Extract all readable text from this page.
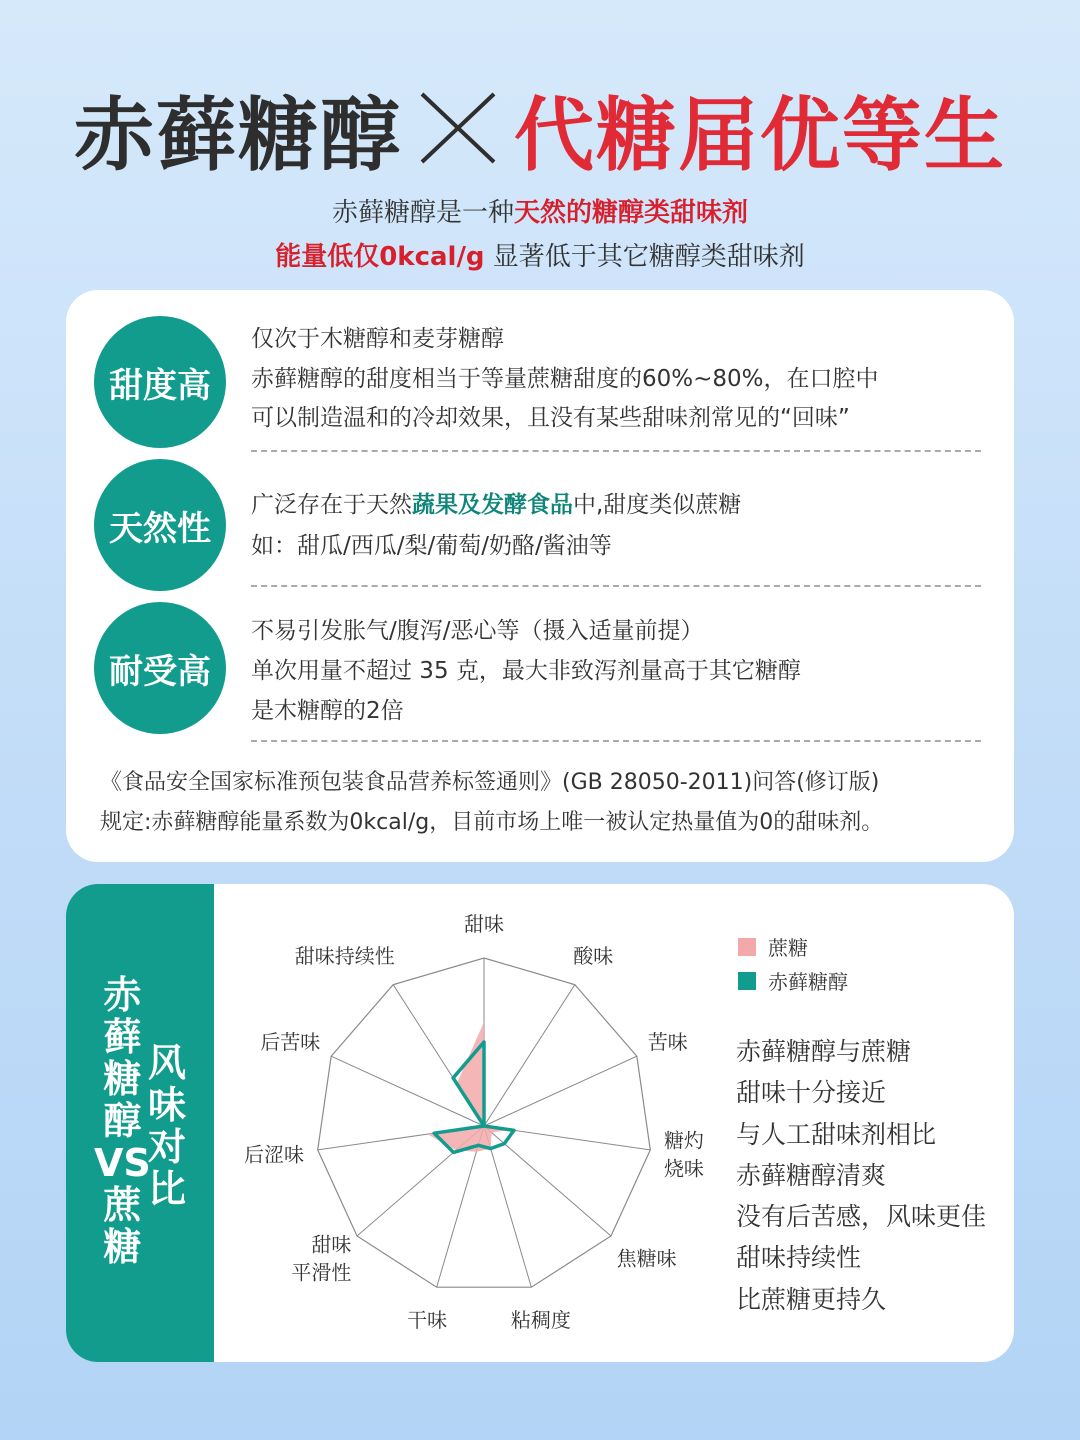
赤藓糖醇 代糖届优等生
赤藓糖醇是一种天然的糖醇类甜味剂
能量低仅0kcal/g 显著低于其它糖醇类甜味剂
甜度高
仅次于木糖醇和麦芽糖醇
赤藓糖醇的甜度相当于等量蔗糖甜度的60%~80%，在口腔中
可以制造温和的冷却效果，且没有某些甜味剂常见的“回味”
天然性
广泛存在于天然蔬果及发酵食品中,甜度类似蔗糖
如：甜瓜/西瓜/梨/葡萄/奶酪/酱油等
耐受高
不易引发胀气/腹泻/恶心等（摄入适量前提）
单次用量不超过 35 克，最大非致泻剂量高于其它糖醇
是木糖醇的2倍
《食品安全国家标准预包装食品营养标签通则》(GB 28050-2011)问答(修订版)
规定:赤藓糖醇能量系数为0kcal/g，目前市场上唯一被认定热量值为0的甜味剂。
赤
藓
糖
醇
VS
蔗
糖
风
味
对
比
甜味
酸味
苦味
糖灼烧味
焦糖味
粘稠度
干味
甜味平滑性
后涩味
后苦味
甜味持续性	蔗糖
赤藓糖醇
赤藓糖醇与蔗糖
甜味十分接近
与人工甜味剂相比
赤藓糖醇清爽
没有后苦感，风味更佳
甜味持续性
比蔗糖更持久
